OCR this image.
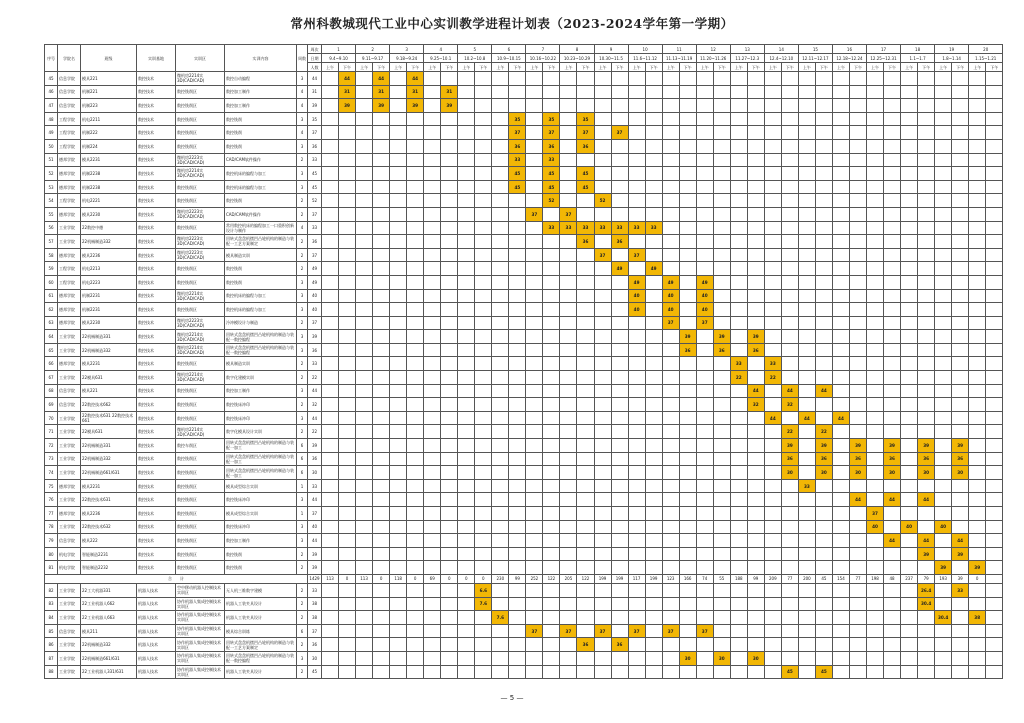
常州科教城现代工业中心实训教学进程计划表（2023-2024学年第一学期）
序号	学院名	班级	实训基地	实训区	实训内容	周数	周次	1		2		3		4		5		6		7		8		9		10		11		12		13		14		15		16		17		18		19		20	
							日期	9.4~9.10		9.11~9.17		9.18~9.24		9.25~10.1		10.2~10.8		10.9~10.15		10.16~10.22		10.23~10.29		10.30~11.5		11.6~11.12		11.13~11.19		11.20~11.26		11.27~12.3		12.4~12.10		12.11~12.17		12.18~12.24		12.25~12.31		1.1~1.7		1.8~1.14		1.15~1.21	
							人数	上午	下午	上午	下午	上午	下午	上午	下午	上午	下午	上午	下午	上午	下午	上午	下午	上午	下午	上午	下午	上午	下午	上午	下午	上午	下午	上午	下午	上午	下午	上午	下午	上午	下午	上午	下午	上午	下午	上午	下午
45	信息学院	模具221	数控技术	微机房2214实3D(CAD/CAD)	数控自动编程	3	44		44		44		44																																		
46	信息学院	机制221	数控技术	数控铣削区	数控加工制作	4	31		31		31		31		31																																
47	信息学院	机制223	数控技术	数控铣削区	数控加工制作	4	39		39		39		39		39																																
48	工程学院	机电2211	数控技术	数控铣削区	数控铣削	3	35												35		35		35																								
49	工程学院	机制222	数控技术	数控铣削区	数控铣削	4	37												37		37		37		37																						
50	工程学院	机制224	数控技术	数控铣削区	数控铣削	3	36												36		36		36																								
51	德邦学院	模具2231	数控技术	微机房2223实3D(CAD/CAD)	CAD/CAM软件操作	2	33												33		33																										
52	德邦学院	机制2238	数控技术	微机房2214实3D(CAD/CAD)	数控机床的编程与加工	3	45												45		45		45																								
53	德邦学院	机制2238	数控技术	数控铣削区	数控机床的编程与加工	3	45												45		45		45																								
54	工程学院	机电2221	数控技术	数控铣削区	数控铣削	2	52														52			52																							
55	德邦学院	模具2230	数控技术	微机房2223实3D(CAD/CAD)	CAD/CAM软件操作	2	37													37		37																									
56	工业学院	22数控中德	数控技术	数控铣削区	常用数控机床的编程加工一口重积创新设计与制作	4	33														33	33	33	33	33	33	33																				
57	工业学院	22机械制造332	数控技术	微机房2223实3D(CAD/CAD)	回转式盘盘机摆凹凸轮机构的制造与装配一工艺方案制定	2	36																36		36																						
58	德邦学院	模具2236	数控技术	微机房2223实3D(CAD/CAD)	模具制造实训	2	37																	37		37																					
59	工程学院	机电2213	数控技术	数控铣削区	数控铣削	2	49																		49		49																				
60	工程学院	机电2223	数控技术	数控铣削区	数控铣削	3	49																			49		49		49																	
61	德邦学院	机制2231	数控技术	微机房2214实3D(CAD/CAD)	数控机床的编程与加工	3	40																			40		40		40																	
62	德邦学院	机制2231	数控技术	数控铣削区	数控机床的编程与加工	3	40																			40		40		40																	
63	德邦学院	模具2230	数控技术	微机房2223实3D(CAD/CAD)	冷冲模设计与制造	2	37																					37		37																	
64	工业学院	22机械制造331	数控技术	微机房2214实3D(CAD/CAD)	回转式盘盘机摆凹凸轮机构的制造与装配一数控编程	3	39																						39		39		39														
65	工业学院	22机械制造332	数控技术	微机房2214实3D(CAD/CAD)	回转式盘盘机摆凹凸轮机构的制造与装配一数控编程	3	36																						36		36		36														
66	德邦学院	模具2231	数控技术	数控铣削区	模具制造实训	2	33																									33		33													
67	工业学院	22模具631	数控技术	微机房2214实3D(CAD/CAD)	数字化建模实训	2	22																									22		22													
68	信息学院	模具221	数控技术	数控铣削区	数控加工制作	3	44																										44		44		44										
69	信息学院	22数控技术662	数控技术	数控铣削区	数控铣床冲印	2	32																										32		32												
70	工业学院	22数控技术631 22数控技术661	数控技术	数控铣削区	数控铣床冲印	3	44																											44		44		44									
71	工业学院	22模具631	数控技术	微机房2214实3D(CAD/CAD)	数字化模具设计实训	2	22																												22		22										
72	工业学院	22机械制造331	数控技术	数控车削区	回转式盘盘机摆凹凸轮机构的制造与装配一加工	6	39																												39		39		39		39		39		39		
73	工业学院	22机械制造332	数控技术	数控铣削区	回转式盘盘机摆凹凸轮机构的制造与装配一加工	6	36																												36		36		36		36		36		36		
74	工业学院	22机械制造661/631	数控技术	数控铣削区	回转式盘盘机摆凹凸轮机构的制造与装配一加工	6	30																												30		30		30		30		30		30		
75	德邦学院	模具2231	数控技术	数控铣削区	模具成型综合实训	1	33																													33											
76	工业学院	22数控技术631	数控技术	数控铣削区	数控铣床冲印	3	44																																44		44		44				
77	德邦学院	模具2236	数控技术	数控铣削区	模具成型综合实训	1	37																																	37							
78	工业学院	22数控技术632	数控技术	数控铣削区	数控铣床冲印	3	40																																	40		40		40			
79	信息学院	模具222	数控技术	数控铣削区	数控加工制作	3	44																																		44		44		44		
80	机电学院	智能制造2231	数控技术	数控铣削区	数控铣削	2	39																																				39		39		
81	机电学院	智能制造2232	数控技术	数控铣削区	数控铣削	2	39																																					39		39	
合　　计							1429	113	0	113	0	118	0	69	0	0	0	230	99	252	122	205	122	199	199	117	199	123	166	74	55	188	99	209	77	200	45	154	77	198	48	237	79	193	39	0	
82	工业学院	22工大机器331	机器人技术	空中移动机器人控制技术实训区	无人机三维数字建模	2	33										6.6																										26.4		33		
83	工业学院	22工业机器人662	机器人技术	协作机器人集成控制技术实训区	机器人工装夹具设计	2	38										7.6																										30.4				
84	工业学院	22工业机器人663	机器人技术	协作机器人集成控制技术实训区	机器人工装夹具设计	2	38											7.6																										30.4		38	
85	信息学院	模具211	机器人技术	协作机器人集成控制技术实训区	模具综合训练	6	37													37		37		37		37		37		37																	
86	工业学院	22机械制造332	机器人技术	协作机器人集成控制技术实训区	回转式盘盘机摆凹凸轮机构的制造与装配一工艺方案制定	2	36																36		36																						
87	工业学院	22机械制造661/631	机器人技术	协作机器人集成控制技术实训区	回转式盘盘机摆凹凸轮机构的制造与装配一数控编程	3	30																						30		30		30														
88	工业学院	22工业机器人331/631	机器人技术	协作机器人集成控制技术实训区	机器人工装夹具设计	2	45																												45		45										
— 5 —
